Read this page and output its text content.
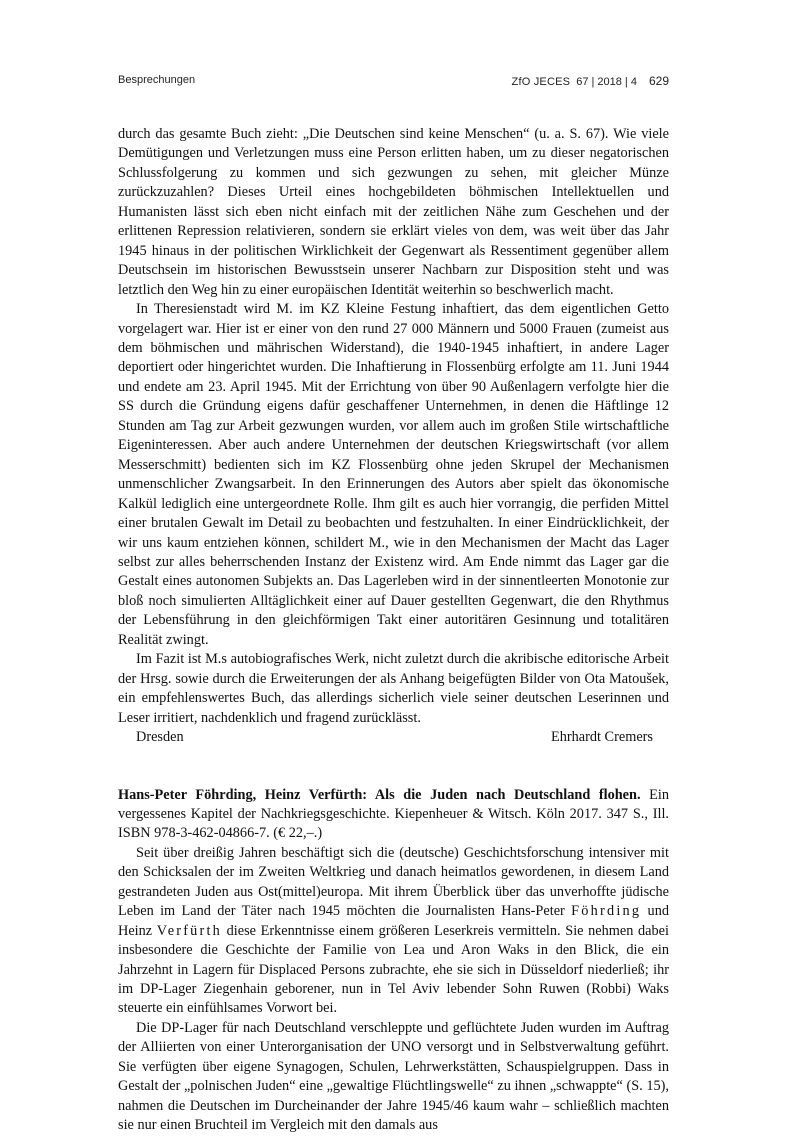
Besprechungen	ZfO JECES 67 | 2018 | 4 629

durch das gesamte Buch zieht: „Die Deutschen sind keine Menschen“ (u. a. S. 67). Wie viele Demütigungen und Verletzungen muss eine Person erlitten haben, um zu dieser negatorischen Schlussfolgerung zu kommen und sich gezwungen zu sehen, mit gleicher Münze zurückzuzahlen? Dieses Urteil eines hochgebildeten böhmischen Intellektuellen und Humanisten lässt sich eben nicht einfach mit der zeitlichen Nähe zum Geschehen und der erlittenen Repression relativieren, sondern sie erklärt vieles von dem, was weit über das Jahr 1945 hinaus in der politischen Wirklichkeit der Gegenwart als Ressentiment gegenüber allem Deutschsein im historischen Bewusstsein unserer Nachbarn zur Disposition steht und was letztlich den Weg hin zu einer europäischen Identität weiterhin so beschwerlich macht.

In Theresienstadt wird M. im KZ Kleine Festung inhaftiert, das dem eigentlichen Getto vorgelagert war. Hier ist er einer von den rund 27 000 Männern und 5000 Frauen (zumeist aus dem böhmischen und mährischen Widerstand), die 1940-1945 inhaftiert, in andere Lager deportiert oder hingerichtet wurden. Die Inhaftierung in Flossenbürg erfolgte am 11. Juni 1944 und endete am 23. April 1945. Mit der Errichtung von über 90 Außenlagern verfolgte hier die SS durch die Gründung eigens dafür geschaffener Unternehmen, in denen die Häftlinge 12 Stunden am Tag zur Arbeit gezwungen wurden, vor allem auch im großen Stile wirtschaftliche Eigeninteressen. Aber auch andere Unternehmen der deutschen Kriegswirtschaft (vor allem Messerschmitt) bedienten sich im KZ Flossenbürg ohne jeden Skrupel der Mechanismen unmenschlicher Zwangsarbeit. In den Erinnerungen des Autors aber spielt das ökonomische Kalkül lediglich eine untergeordnete Rolle. Ihm gilt es auch hier vorrangig, die perfiden Mittel einer brutalen Gewalt im Detail zu beobachten und festzuhalten. In einer Eindrücklichkeit, der wir uns kaum entziehen können, schildert M., wie in den Mechanismen der Macht das Lager selbst zur alles beherrschenden Instanz der Existenz wird. Am Ende nimmt das Lager gar die Gestalt eines autonomen Subjekts an. Das Lagerleben wird in der sinnentleerten Monotonie zur bloß noch simulierten Alltäglichkeit einer auf Dauer gestellten Gegenwart, die den Rhythmus der Lebensführung in den gleichförmigen Takt einer autoritären Gesinnung und totalitären Realität zwingt.

Im Fazit ist M.s autobiografisches Werk, nicht zuletzt durch die akribische editorische Arbeit der Hrsg. sowie durch die Erweiterungen der als Anhang beigefügten Bilder von Ota Matoušek, ein empfehlenswertes Buch, das allerdings sicherlich viele seiner deutschen Leserinnen und Leser irritiert, nachdenklich und fragend zurücklässt.

Dresden	Ehrhardt Cremers

Hans-Peter Föhrding, Heinz Verfürth: Als die Juden nach Deutschland flohen. Ein vergessenes Kapitel der Nachkriegsgeschichte. Kiepenheuer & Witsch. Köln 2017. 347 S., Ill. ISBN 978-3-462-04866-7. (€ 22,–.)

Seit über dreißig Jahren beschäftigt sich die (deutsche) Geschichtsforschung intensiver mit den Schicksalen der im Zweiten Weltkrieg und danach heimatlos gewordenen, in diesem Land gestrandeten Juden aus Ost(mittel)europa. Mit ihrem Überblick über das unverhoffte jüdische Leben im Land der Täter nach 1945 möchten die Journalisten Hans-Peter Föhrding und Heinz Verfürth diese Erkenntnisse einem größeren Leserkreis vermitteln. Sie nehmen dabei insbesondere die Geschichte der Familie von Lea und Aron Waks in den Blick, die ein Jahrzehnt in Lagern für Displaced Persons zubrachte, ehe sie sich in Düsseldorf niederließ; ihr im DP-Lager Ziegenhain geborener, nun in Tel Aviv lebender Sohn Ruwen (Robbi) Waks steuerte ein einfühlsames Vorwort bei.

Die DP-Lager für nach Deutschland verschleppte und geflüchtete Juden wurden im Auftrag der Alliierten von einer Unterorganisation der UNO versorgt und in Selbstverwaltung geführt. Sie verfügten über eigene Synagogen, Schulen, Lehrwerkstätten, Schauspielgruppen. Dass in Gestalt der „polnischen Juden“ eine „gewaltige Flüchtlingswelle“ zu ihnen „schwappte“ (S. 15), nahmen die Deutschen im Durcheinander der Jahre 1945/46 kaum wahr – schließlich machten sie nur einen Bruchteil im Vergleich mit den damals aus
